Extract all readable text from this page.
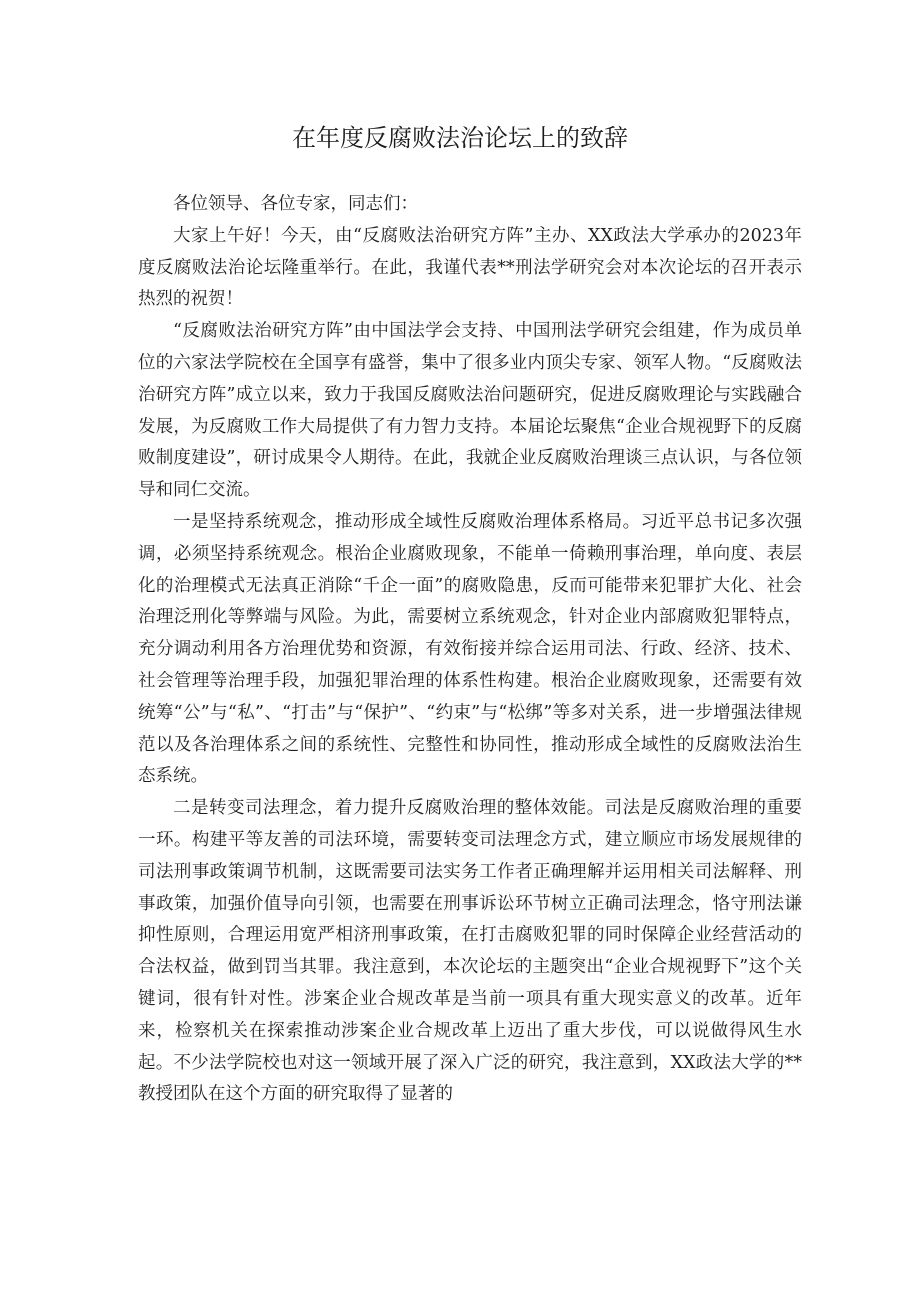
在年度反腐败法治论坛上的致辞

各位领导、各位专家，同志们：

大家上午好！今天，由“反腐败法治研究方阵”主办、XX政法大学承办的2023年度反腐败法治论坛隆重举行。在此，我谨代表**刑法学研究会对本次论坛的召开表示热烈的祝贺！

“反腐败法治研究方阵”由中国法学会支持、中国刑法学研究会组建，作为成员单位的六家法学院校在全国享有盛誉，集中了很多业内顶尖专家、领军人物。“反腐败法治研究方阵”成立以来，致力于我国反腐败法治问题研究，促进反腐败理论与实践融合发展，为反腐败工作大局提供了有力智力支持。本届论坛聚焦“企业合规视野下的反腐败制度建设”，研讨成果令人期待。在此，我就企业反腐败治理谈三点认识，与各位领导和同仁交流。

一是坚持系统观念，推动形成全域性反腐败治理体系格局。习近平总书记多次强调，必须坚持系统观念。根治企业腐败现象，不能单一倚赖刑事治理，单向度、表层化的治理模式无法真正消除“千企一面”的腐败隐患，反而可能带来犯罪扩大化、社会治理泛刑化等弊端与风险。为此，需要树立系统观念，针对企业内部腐败犯罪特点，充分调动利用各方治理优势和资源，有效衔接并综合运用司法、行政、经济、技术、社会管理等治理手段，加强犯罪治理的体系性构建。根治企业腐败现象，还需要有效统筹“公”与“私”、“打击”与“保护”、“约束”与“松绑”等多对关系，进一步增强法律规范以及各治理体系之间的系统性、完整性和协同性，推动形成全域性的反腐败法治生态系统。

二是转变司法理念，着力提升反腐败治理的整体效能。司法是反腐败治理的重要一环。构建平等友善的司法环境，需要转变司法理念方式，建立顺应市场发展规律的司法刑事政策调节机制，这既需要司法实务工作者正确理解并运用相关司法解释、刑事政策，加强价值导向引领，也需要在刑事诉讼环节树立正确司法理念，恪守刑法谦抑性原则，合理运用宽严相济刑事政策，在打击腐败犯罪的同时保障企业经营活动的合法权益，做到罚当其罪。我注意到，本次论坛的主题突出“企业合规视野下”这个关键词，很有针对性。涉案企业合规改革是当前一项具有重大现实意义的改革。近年来，检察机关在探索推动涉案企业合规改革上迈出了重大步伐，可以说做得风生水起。不少法学院校也对这一领域开展了深入广泛的研究，我注意到，XX政法大学的**教授团队在这个方面的研究取得了显著的
